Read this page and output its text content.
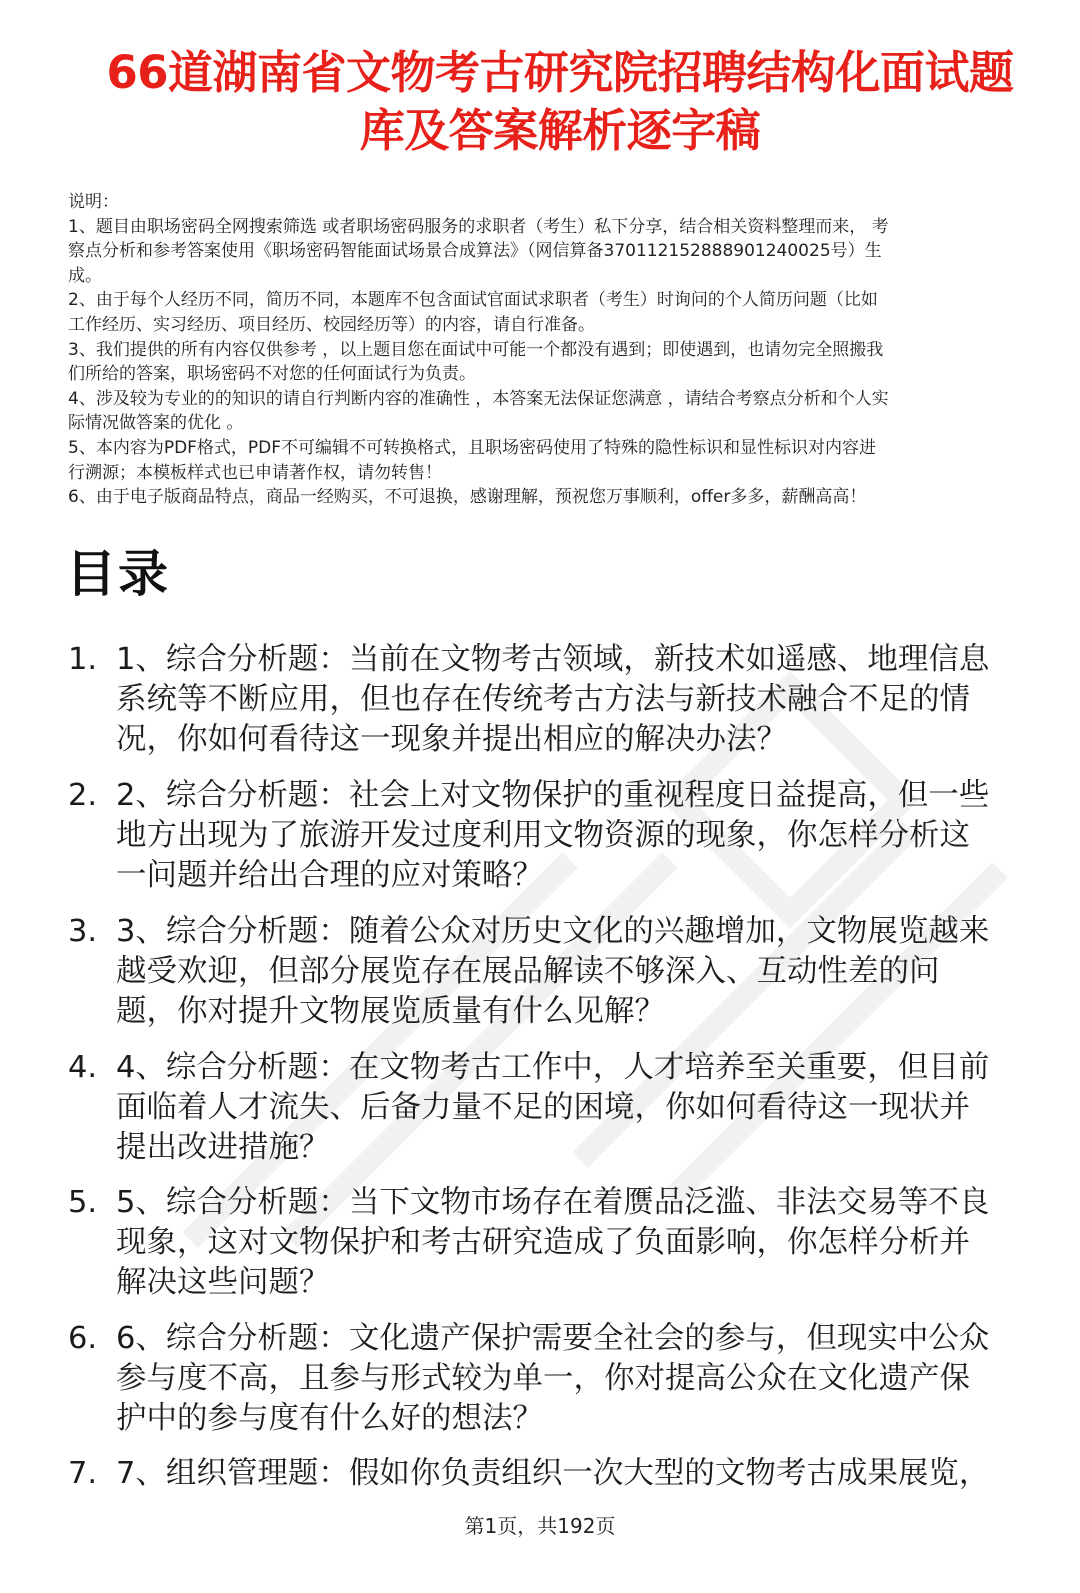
66道湖南省文物考古研究院招聘结构化面试题
库及答案解析逐字稿
说明：
1、题目由职场密码全网搜索筛选 或者职场密码服务的求职者（考生）私下分享，结合相关资料整理而来， 考
察点分析和参考答案使用《职场密码智能面试场景合成算法》（网信算备370112152888901240025号）生
成。
2、由于每个人经历不同，简历不同，本题库不包含面试官面试求职者（考生）时询问的个人简历问题（比如
工作经历、实习经历、项目经历、校园经历等）的内容，请自行准备。
3、我们提供的所有内容仅供参考 ，以上题目您在面试中可能一个都没有遇到；即使遇到，也请勿完全照搬我
们所给的答案，职场密码不对您的任何面试行为负责。
4、涉及较为专业的的知识的请自行判断内容的准确性 ，本答案无法保证您满意 ，请结合考察点分析和个人实
际情况做答案的优化 。
5、本内容为PDF格式，PDF不可编辑不可转换格式，且职场密码使用了特殊的隐性标识和显性标识对内容进
行溯源；本模板样式也已申请著作权，请勿转售！
6、由于电子版商品特点，商品一经购买，不可退换，感谢理解，预祝您万事顺利，offer多多，薪酬高高！
目录
1. 1、综合分析题：当前在文物考古领域，新技术如遥感、地理信息
系统等不断应用，但也存在传统考古方法与新技术融合不足的情
况，你如何看待这一现象并提出相应的解决办法？
2. 2、综合分析题：社会上对文物保护的重视程度日益提高，但一些
地方出现为了旅游开发过度利用文物资源的现象，你怎样分析这
一问题并给出合理的应对策略？
3. 3、综合分析题：随着公众对历史文化的兴趣增加，文物展览越来
越受欢迎，但部分展览存在展品解读不够深入、互动性差的问
题，你对提升文物展览质量有什么见解？
4. 4、综合分析题：在文物考古工作中，人才培养至关重要，但目前
面临着人才流失、后备力量不足的困境，你如何看待这一现状并
提出改进措施？
5. 5、综合分析题：当下文物市场存在着赝品泛滥、非法交易等不良
现象，这对文物保护和考古研究造成了负面影响，你怎样分析并
解决这些问题？
6. 6、综合分析题：文化遗产保护需要全社会的参与，但现实中公众
参与度不高，且参与形式较为单一，你对提高公众在文化遗产保
护中的参与度有什么好的想法？
7. 7、组织管理题：假如你负责组织一次大型的文物考古成果展览，
第1页，共192页
